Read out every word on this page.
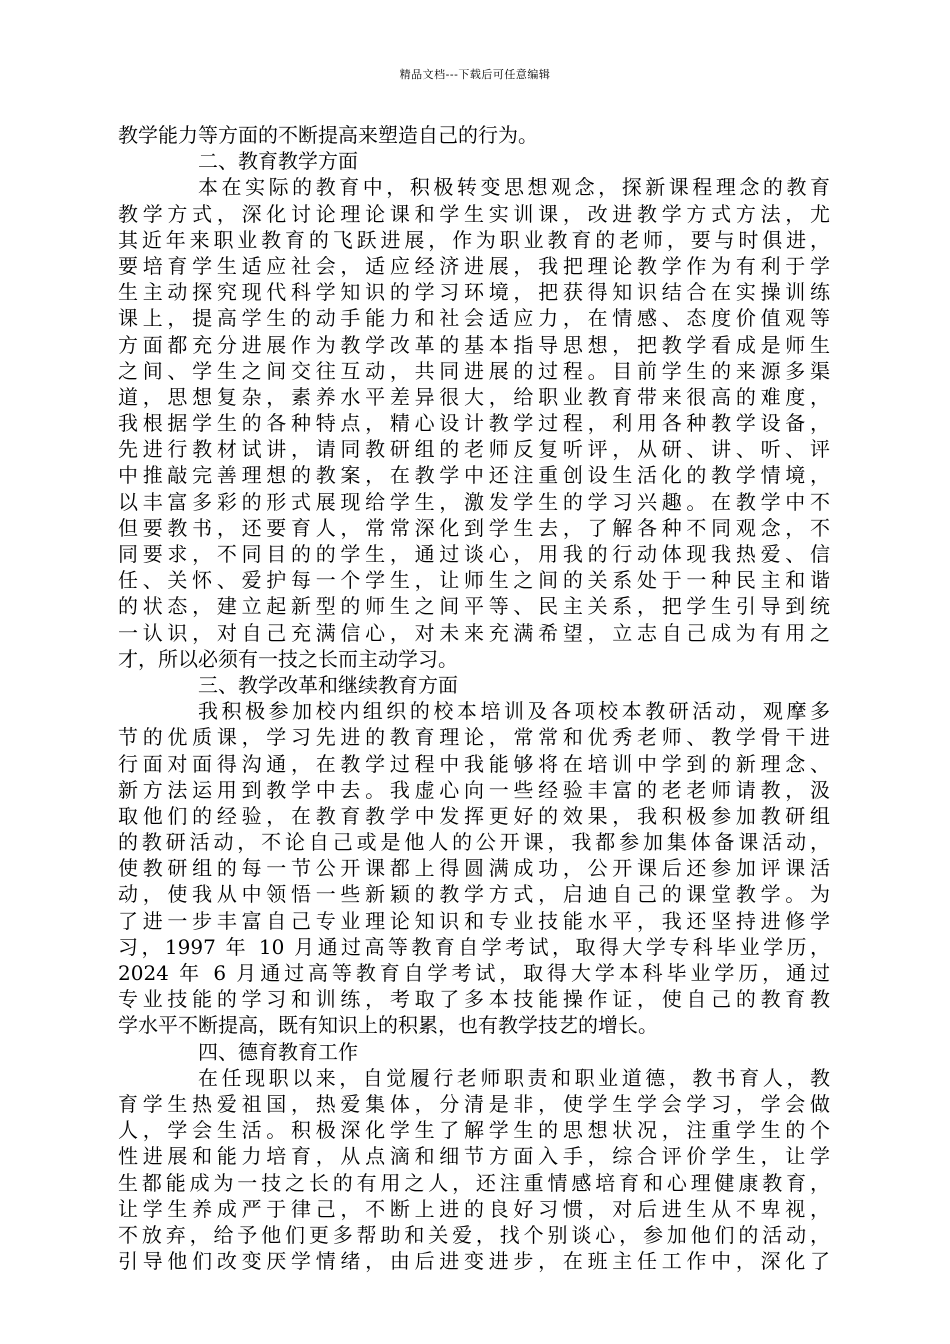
精品文档---下载后可任意编辑
教学能力等方面的不断提高来塑造自己的行为。
二、教育教学方面
本在实际的教育中，积极转变思想观念，探新课程理念的教育
教学方式，深化讨论理论课和学生实训课，改进教学方式方法，尤
其近年来职业教育的飞跃进展，作为职业教育的老师，要与时俱进，
要培育学生适应社会，适应经济进展，我把理论教学作为有利于学
生主动探究现代科学知识的学习环境，把获得知识结合在实操训练
课上，提高学生的动手能力和社会适应力，在情感、态度价值观等
方面都充分进展作为教学改革的基本指导思想，把教学看成是师生
之间、学生之间交往互动，共同进展的过程。目前学生的来源多渠
道，思想复杂，素养水平差异很大，给职业教育带来很高的难度，
我根据学生的各种特点，精心设计教学过程，利用各种教学设备，
先进行教材试讲，请同教研组的老师反复听评，从研、讲、听、评
中推敲完善理想的教案，在教学中还注重创设生活化的教学情境，
以丰富多彩的形式展现给学生，激发学生的学习兴趣。在教学中不
但要教书，还要育人，常常深化到学生去，了解各种不同观念，不
同要求，不同目的的学生，通过谈心，用我的行动体现我热爱、信
任、关怀、爱护每一个学生，让师生之间的关系处于一种民主和谐
的状态，建立起新型的师生之间平等、民主关系，把学生引导到统
一认识，对自己充满信心，对未来充满希望，立志自己成为有用之
才，所以必须有一技之长而主动学习。
三、教学改革和继续教育方面
我积极参加校内组织的校本培训及各项校本教研活动，观摩多
节的优质课，学习先进的教育理论，常常和优秀老师、教学骨干进
行面对面得沟通，在教学过程中我能够将在培训中学到的新理念、
新方法运用到教学中去。我虚心向一些经验丰富的老老师请教，汲
取他们的经验，在教育教学中发挥更好的效果，我积极参加教研组
的教研活动，不论自己或是他人的公开课，我都参加集体备课活动，
使教研组的每一节公开课都上得圆满成功，公开课后还参加评课活
动，使我从中领悟一些新颖的教学方式，启迪自己的课堂教学。为
了进一步丰富自己专业理论知识和专业技能水平，我还坚持进修学
习，1997 年 10 月通过高等教育自学考试，取得大学专科毕业学历，
2024 年 6 月通过高等教育自学考试，取得大学本科毕业学历，通过
专业技能的学习和训练，考取了多本技能操作证，使自己的教育教
学水平不断提高，既有知识上的积累，也有教学技艺的增长。
四、德育教育工作
在任现职以来，自觉履行老师职责和职业道德，教书育人，教
育学生热爱祖国，热爱集体，分清是非，使学生学会学习，学会做
人，学会生活。积极深化学生了解学生的思想状况，注重学生的个
性进展和能力培育，从点滴和细节方面入手，综合评价学生，让学
生都能成为一技之长的有用之人，还注重情感培育和心理健康教育，
让学生养成严于律己，不断上进的良好习惯，对后进生从不卑视，
不放弃，给予他们更多帮助和关爱，找个别谈心，参加他们的活动，
引导他们改变厌学情绪，由后进变进步，在班主任工作中，深化了
